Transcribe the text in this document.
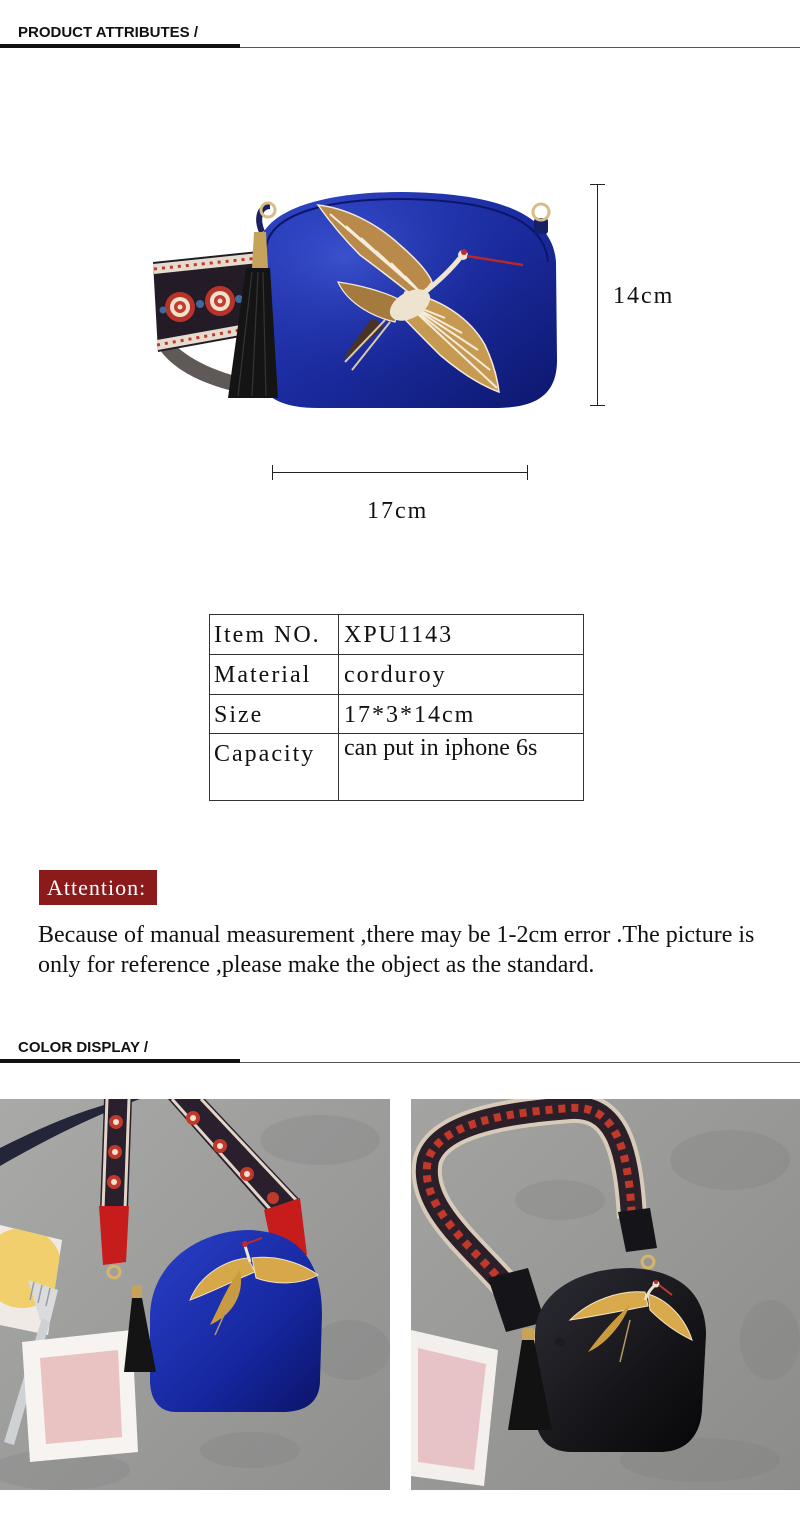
PRODUCT ATTRIBUTES /
14cm
17cm
Item NO.	XPU1143
Material	corduroy
Size	17*3*14cm
Capacity	can put in iphone 6s
Attention:
Because of manual measurement ,there may be 1-2cm error .The picture is
only for reference ,please make the object as the standard.
COLOR DISPLAY /
